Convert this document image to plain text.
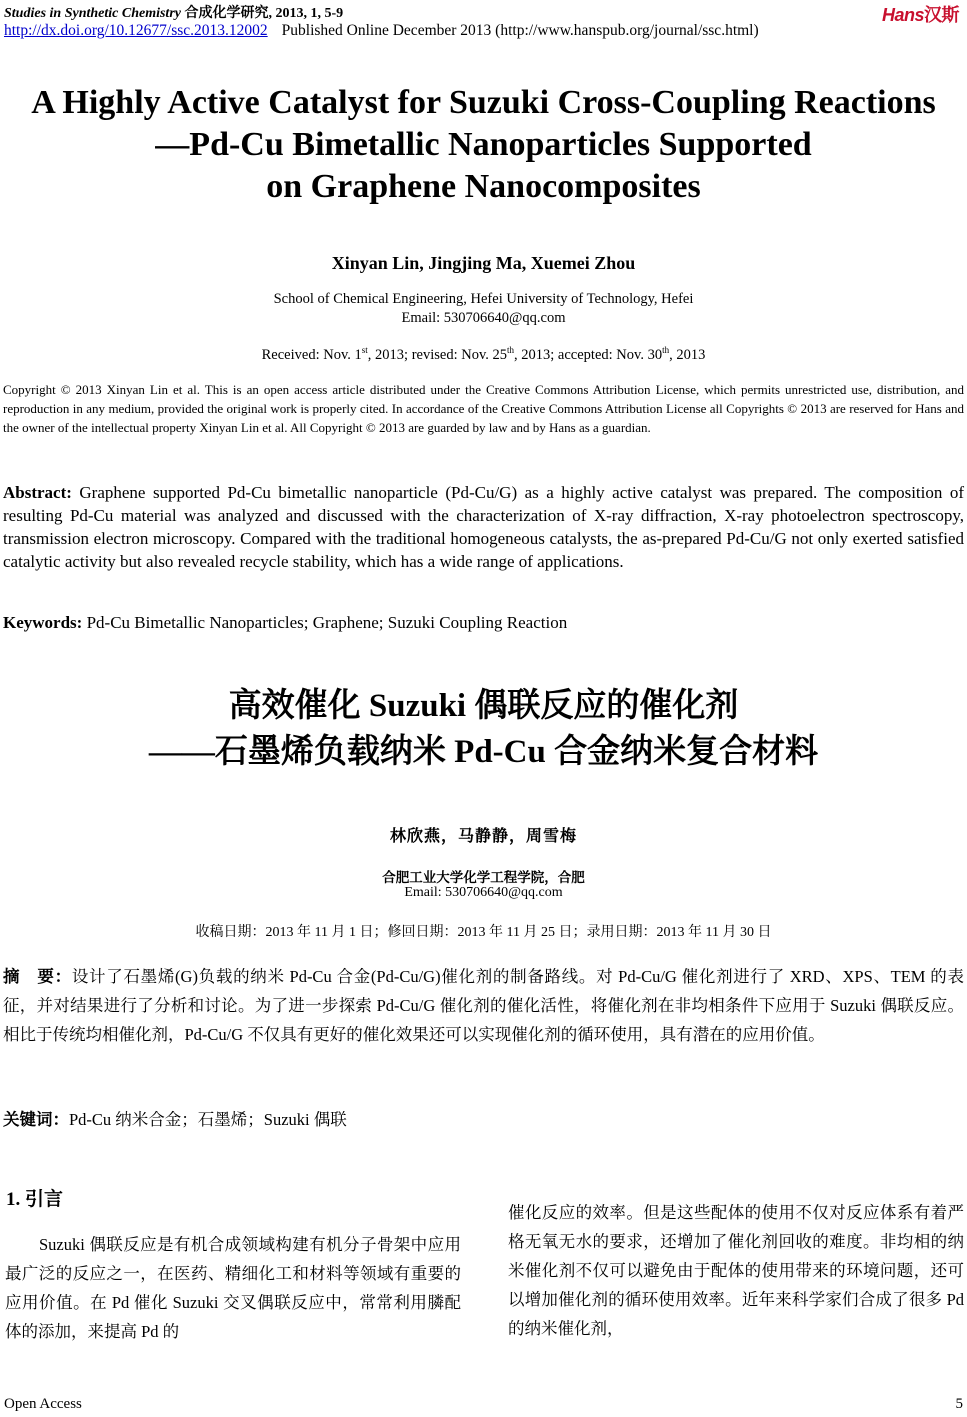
Studies in Synthetic Chemistry 合成化学研究, 2013, 1, 5-9	Hans汉斯
http://dx.doi.org/10.12677/ssc.2013.12002 Published Online December 2013 (http://www.hanspub.org/journal/ssc.html)
A Highly Active Catalyst for Suzuki Cross-Coupling Reactions
—Pd-Cu Bimetallic Nanoparticles Supported
on Graphene Nanocomposites
Xinyan Lin, Jingjing Ma, Xuemei Zhou
School of Chemical Engineering, Hefei University of Technology, Hefei
Email: 530706640@qq.com
Received: Nov. 1st, 2013; revised: Nov. 25th, 2013; accepted: Nov. 30th, 2013
Copyright © 2013 Xinyan Lin et al. This is an open access article distributed under the Creative Commons Attribution License, which permits unrestricted use, distribution, and reproduction in any medium, provided the original work is properly cited. In accordance of the Creative Commons Attribution License all Copyrights © 2013 are reserved for Hans and the owner of the intellectual property Xinyan Lin et al. All Copyright © 2013 are guarded by law and by Hans as a guardian.
Abstract: Graphene supported Pd-Cu bimetallic nanoparticle (Pd-Cu/G) as a highly active catalyst was prepared. The composition of resulting Pd-Cu material was analyzed and discussed with the characterization of X-ray diffraction, X-ray photoelectron spectroscopy, transmission electron microscopy. Compared with the traditional homogeneous catalysts, the as-prepared Pd-Cu/G not only exerted satisfied catalytic activity but also revealed recycle stability, which has a wide range of applications.
Keywords: Pd-Cu Bimetallic Nanoparticles; Graphene; Suzuki Coupling Reaction
高效催化 Suzuki 偶联反应的催化剂
——石墨烯负载纳米 Pd-Cu 合金纳米复合材料
林欣燕，马静静，周雪梅
合肥工业大学化学工程学院，合肥
Email: 530706640@qq.com
收稿日期：2013 年 11 月 1 日；修回日期：2013 年 11 月 25 日；录用日期：2013 年 11 月 30 日
摘　要：设计了石墨烯(G)负载的纳米 Pd-Cu 合金(Pd-Cu/G)催化剂的制备路线。对 Pd-Cu/G 催化剂进行了 XRD、XPS、TEM 的表征，并对结果进行了分析和讨论。为了进一步探索 Pd-Cu/G 催化剂的催化活性，将催化剂在非均相条件下应用于 Suzuki 偶联反应。相比于传统均相催化剂，Pd-Cu/G 不仅具有更好的催化效果还可以实现催化剂的循环使用，具有潜在的应用价值。
关键词：Pd-Cu 纳米合金；石墨烯；Suzuki 偶联
1. 引言
Suzuki 偶联反应是有机合成领域构建有机分子骨架中应用最广泛的反应之一，在医药、精细化工和材料等领域有重要的应用价值。在 Pd 催化 Suzuki 交叉偶联反应中，常常利用膦配体的添加，来提高 Pd 的
催化反应的效率。但是这些配体的使用不仅对反应体系有着严格无氧无水的要求，还增加了催化剂回收的难度。非均相的纳米催化剂不仅可以避免由于配体的使用带来的环境问题，还可以增加催化剂的循环使用效率。近年来科学家们合成了很多 Pd 的纳米催化剂，
Open Access	5
